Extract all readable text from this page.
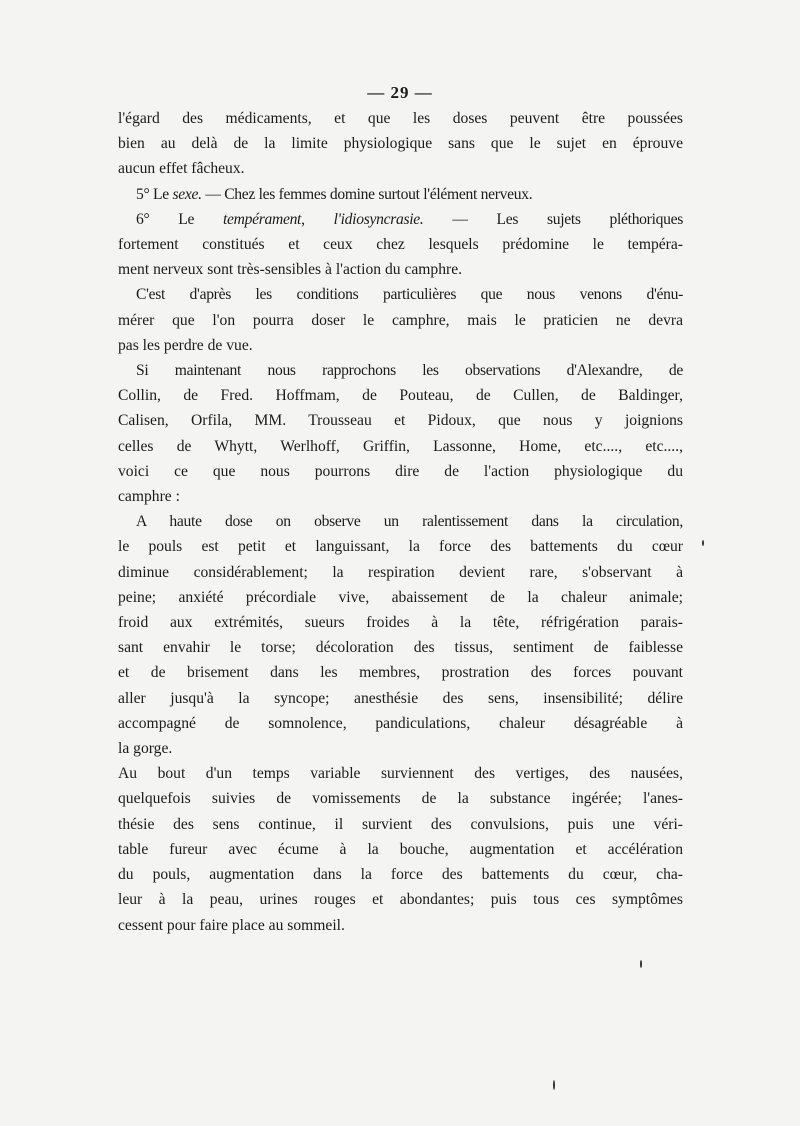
— 29 —
l'égard des médicaments, et que les doses peuvent être poussées
bien au delà de la limite physiologique sans que le sujet en éprouve
aucun effet fâcheux.
5° Le sexe. — Chez les femmes domine surtout l'élément nerveux.
6° Le tempérament, l'idiosyncrasie. — Les sujets pléthoriques
fortement constitués et ceux chez lesquels prédomine le tempéra-
ment nerveux sont très-sensibles à l'action du camphre.
C'est d'après les conditions particulières que nous venons d'énu-
mérer que l'on pourra doser le camphre, mais le praticien ne devra
pas les perdre de vue.
Si maintenant nous rapprochons les observations d'Alexandre, de
Collin, de Fred. Hoffmam, de Pouteau, de Cullen, de Baldinger,
Calisen, Orfila, MM. Trousseau et Pidoux, que nous y joignions
celles de Whytt, Werlhoff, Griffin, Lassonne, Home, etc...., etc....,
voici ce que nous pourrons dire de l'action physiologique du
camphre :
A haute dose on observe un ralentissement dans la circulation,
le pouls est petit et languissant, la force des battements du cœur
diminue considérablement; la respiration devient rare, s'observant à
peine; anxiété précordiale vive, abaissement de la chaleur animale;
froid aux extrémités, sueurs froides à la tête, réfrigération parais-
sant envahir le torse; décoloration des tissus, sentiment de faiblesse
et de brisement dans les membres, prostration des forces pouvant
aller jusqu'à la syncope; anesthésie des sens, insensibilité; délire
accompagné de somnolence, pandiculations, chaleur désagréable à
la gorge.
Au bout d'un temps variable surviennent des vertiges, des nausées,
quelquefois suivies de vomissements de la substance ingérée; l'anes-
thésie des sens continue, il survient des convulsions, puis une véri-
table fureur avec écume à la bouche, augmentation et accélération
du pouls, augmentation dans la force des battements du cœur, cha-
leur à la peau, urines rouges et abondantes; puis tous ces symptômes
cessent pour faire place au sommeil.
